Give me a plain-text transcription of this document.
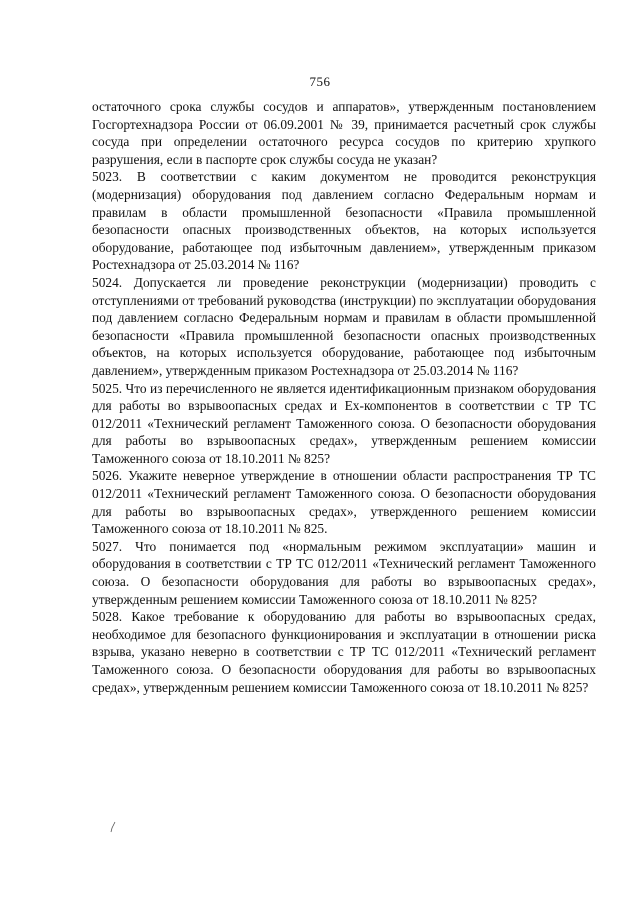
756

остаточного срока службы сосудов и аппаратов», утвержденным постановлением Госгортехнадзора России от 06.09.2001 № 39, принимается расчетный срок службы сосуда при определении остаточного ресурса сосудов по критерию хрупкого разрушения, если в паспорте срок службы сосуда не указан?

5023. В соответствии с каким документом не проводится реконструкция (модернизация) оборудования под давлением согласно Федеральным нормам и правилам в области промышленной безопасности «Правила промышленной безопасности опасных производственных объектов, на которых используется оборудование, работающее под избыточным давлением», утвержденным приказом Ростехнадзора от 25.03.2014 № 116?

5024. Допускается ли проведение реконструкции (модернизации) проводить с отступлениями от требований руководства (инструкции) по эксплуатации оборудования под давлением согласно Федеральным нормам и правилам в области промышленной безопасности «Правила промышленной безопасности опасных производственных объектов, на которых используется оборудование, работающее под избыточным давлением», утвержденным приказом Ростехнадзора от 25.03.2014 № 116?

5025. Что из перечисленного не является идентификационным признаком оборудования для работы во взрывоопасных средах и Ex-компонентов в соответствии с ТР ТС 012/2011 «Технический регламент Таможенного союза. О безопасности оборудования для работы во взрывоопасных средах», утвержденным решением комиссии Таможенного союза от 18.10.2011 № 825?

5026. Укажите неверное утверждение в отношении области распространения ТР ТС 012/2011 «Технический регламент Таможенного союза. О безопасности оборудования для работы во взрывоопасных средах», утвержденного решением комиссии Таможенного союза от 18.10.2011 № 825.

5027. Что понимается под «нормальным режимом эксплуатации» машин и оборудования в соответствии с ТР ТС 012/2011 «Технический регламент Таможенного союза. О безопасности оборудования для работы во взрывоопасных средах», утвержденным решением комиссии Таможенного союза от 18.10.2011 № 825?

5028. Какое требование к оборудованию для работы во взрывоопасных средах, необходимое для безопасного функционирования и эксплуатации в отношении риска взрыва, указано неверно в соответствии с ТР ТС 012/2011 «Технический регламент Таможенного союза. О безопасности оборудования для работы во взрывоопасных средах», утвержденным решением комиссии Таможенного союза от 18.10.2011 № 825?
